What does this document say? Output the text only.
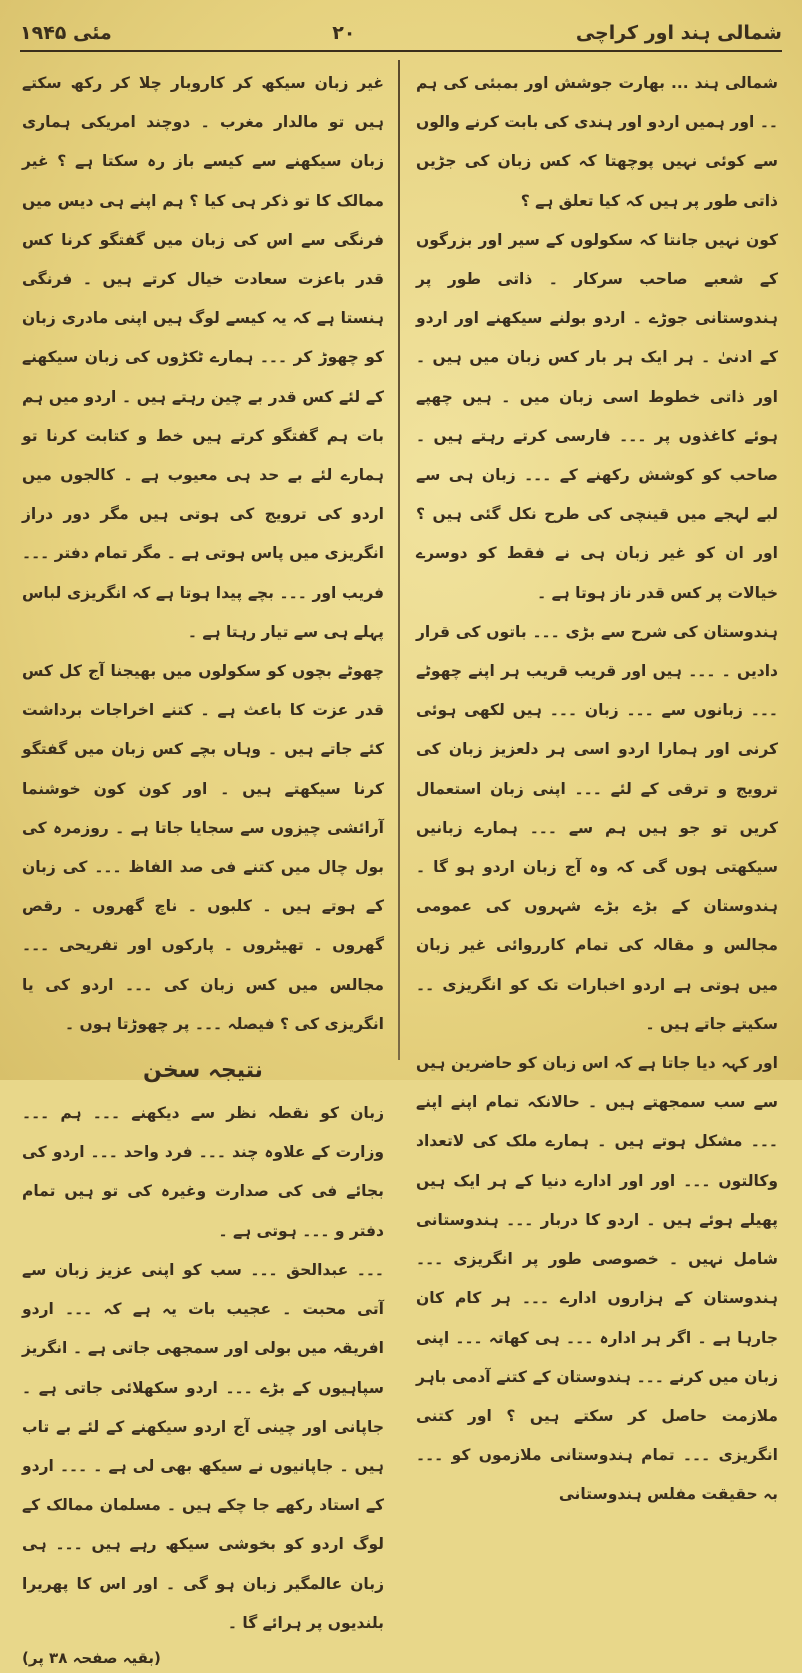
شمالی ہند اور کراچی
۲۰
مئی ۱۹۴۵

شمالی ہند ... بھارت جوشش اور بمبئی کی ہم ۔۔ اور ہمیں اردو اور ہندی کی بابت کرنے والوں سے کوئی نہیں پوچھتا کہ کس زبان کی جڑیں ذاتی طور پر ہیں کہ کیا تعلق ہے ؟

کون نہیں جانتا کہ سکولوں کے سیر اور بزرگوں کے شعبے صاحب سرکار ۔ ذاتی طور پر ہندوستانی جوڑے ۔ اردو بولنے سیکھنے اور اردو کے ادنیٰ ۔ ہر ایک ہر بار کس زبان میں ہیں ۔ اور ذاتی خطوط اسی زبان میں ۔ ہیں چھپے ہوئے کاغذوں پر ۔۔۔ فارسی کرتے رہتے ہیں ۔ صاحب کو کوشش رکھنے کے ۔۔۔ زبان ہی سے لبے لہجے میں قینچی کی طرح نکل گئی ہیں ؟ اور ان کو غیر زبان ہی نے فقط کو دوسرے خیالات پر کس قدر ناز ہوتا ہے ۔

ہندوستان کی شرح سے بڑی ۔۔۔ باتوں کی قرار دادیں ۔ ۔۔۔ ہیں اور قریب قریب ہر اپنے چھوٹے ۔۔۔ زبانوں سے ۔۔۔ زبان ۔۔۔ ہیں لکھی ہوئی کرنی اور ہمارا اردو اسی ہر دلعزیز زبان کی ترویج و ترقی کے لئے ۔۔۔ اپنی زبان استعمال کریں تو جو ہیں ہم سے ۔۔۔ ہمارے زبانیں سیکھتی ہوں گی کہ وہ آج زبان اردو ہو گا ۔ ہندوستان کے بڑے بڑے شہروں کی عمومی مجالس و مقالہ کی تمام کارروائی غیر زبان میں ہوتی ہے اردو اخبارات تک کو انگریزی ۔۔ سکیتے جاتے ہیں ۔

اور کہہ دیا جاتا ہے کہ اس زبان کو حاضرین ہیں سے سب سمجھتے ہیں ۔ حالانکہ تمام اپنے اپنے ۔۔۔ مشکل ہوتے ہیں ۔ ہمارے ملک کی لاتعداد وکالتوں ۔۔۔ اور اور ادارے دنیا کے ہر ایک ہیں پھیلے ہوئے ہیں ۔ اردو کا دربار ۔۔۔ ہندوستانی شامل نہیں ۔ خصوصی طور پر انگریزی ۔۔۔ ہندوستان کے ہزاروں ادارے ۔۔۔ ہر کام کان جارہا ہے ۔ اگر ہر ادارہ ۔۔۔ ہی کھاتہ ۔۔۔ اپنی زبان میں کرنے ۔۔۔ ہندوستان کے کتنے آدمی باہر ملازمت حاصل کر سکتے ہیں ؟ اور کتنی انگریزی ۔۔۔ تمام ہندوستانی ملازموں کو ۔۔۔ بہ حقیقت مفلس ہندوستانی

غیر زبان سیکھ کر کاروبار چلا کر رکھ سکتے ہیں تو مالدار مغرب ۔ دوچند امریکی ہماری زبان سیکھنے سے کیسے باز رہ سکتا ہے ؟ غیر ممالک کا تو ذکر ہی کیا ؟ ہم اپنے ہی دیس میں فرنگی سے اس کی زبان میں گفتگو کرنا کس قدر باعزت سعادت خیال کرتے ہیں ۔ فرنگی ہنستا ہے کہ یہ کیسے لوگ ہیں اپنی مادری زبان کو چھوڑ کر ۔۔۔ ہمارے ٹکڑوں کی زبان سیکھنے کے لئے کس قدر بے چین رہتے ہیں ۔ اردو میں ہم بات ہم گفتگو کرتے ہیں خط و کتابت کرنا تو ہمارے لئے بے حد ہی معیوب ہے ۔ کالجوں میں اردو کی ترویج کی ہوتی ہیں مگر دور دراز انگریزی میں پاس ہوتی ہے ۔ مگر تمام دفتر ۔۔۔ فریب اور ۔۔۔ بچے پیدا ہوتا ہے کہ انگریزی لباس پہلے ہی سے تیار رہتا ہے ۔

چھوٹے بچوں کو سکولوں میں بھیجنا آج کل کس قدر عزت کا باعث ہے ۔ کتنے اخراجات برداشت کئے جاتے ہیں ۔ وہاں بچے کس زبان میں گفتگو کرنا سیکھتے ہیں ۔ اور کون کون خوشنما آرائشی چیزوں سے سجایا جاتا ہے ۔ روزمرہ کی بول چال میں کتنے فی صد الفاظ ۔۔۔ کی زبان کے ہوتے ہیں ۔ کلبوں ۔ ناچ گھروں ۔ رقص گھروں ۔ تھیٹروں ۔ پارکوں اور تفریحی ۔۔۔ مجالس میں کس زبان کی ۔۔۔ اردو کی یا انگریزی کی ؟ فیصلہ ۔۔۔ پر چھوڑتا ہوں ۔

نتیجہ سخن

زبان کو نقطہ نظر سے دیکھنے ۔۔۔ ہم ۔۔۔ وزارت کے علاوہ چند ۔۔۔ فرد واحد ۔۔۔ اردو کی بجائے فی کی صدارت وغیرہ کی تو ہیں تمام دفتر و ۔۔۔ ہوتی ہے ۔

۔۔۔ عبدالحق ۔۔۔ سب کو اپنی عزیز زبان سے آتی محبت ۔ عجیب بات یہ ہے کہ ۔۔۔ اردو افریقہ میں بولی اور سمجھی جاتی ہے ۔ انگریز سپاہیوں کے بڑے ۔۔۔ اردو سکھلائی جاتی ہے ۔ جاپانی اور چینی آج اردو سیکھنے کے لئے بے تاب ہیں ۔ جاپانیوں نے سیکھ بھی لی ہے ۔ ۔۔۔ اردو کے استاد رکھے جا چکے ہیں ۔ مسلمان ممالک کے لوگ اردو کو بخوشی سیکھ رہے ہیں ۔۔۔ ہی زبان عالمگیر زبان ہو گی ۔ اور اس کا پھریرا بلندیوں پر ہرائے گا ۔

(بقیہ صفحہ ۳۸ پر)
